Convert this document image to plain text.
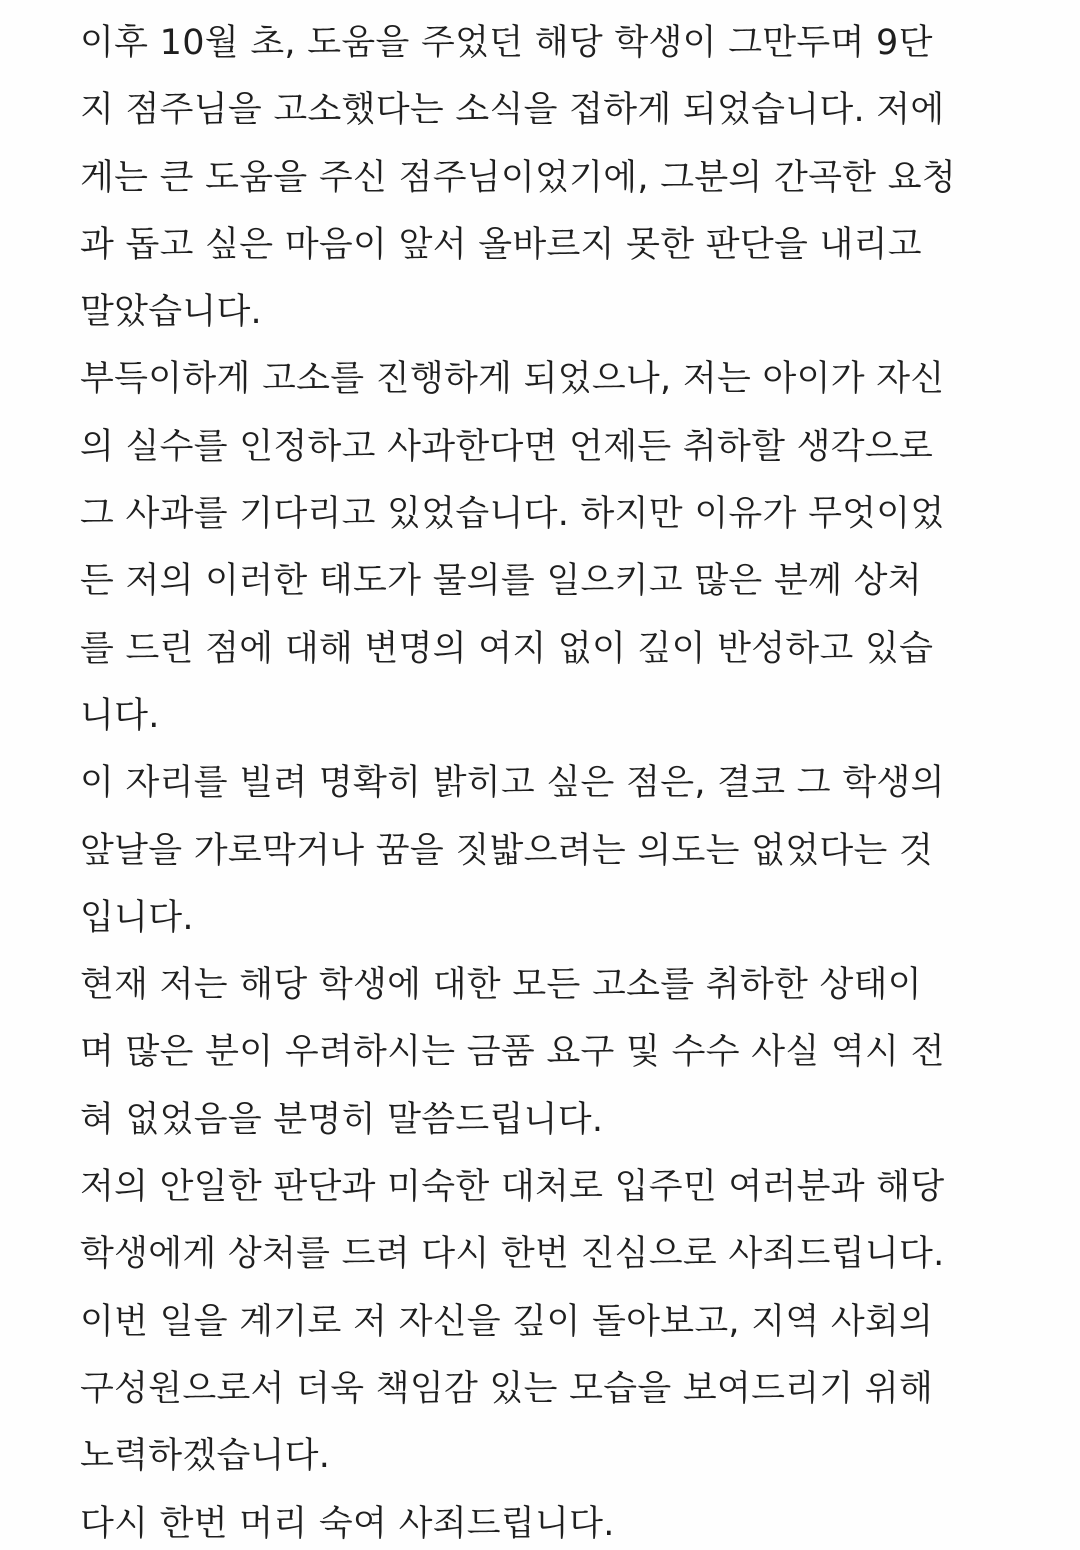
이후 10월 초, 도움을 주었던 해당 학생이 그만두며 9단
지 점주님을 고소했다는 소식을 접하게 되었습니다. 저에
게는 큰 도움을 주신 점주님이었기에, 그분의 간곡한 요청
과 돕고 싶은 마음이 앞서 올바르지 못한 판단을 내리고
말았습니다.
부득이하게 고소를 진행하게 되었으나, 저는 아이가 자신
의 실수를 인정하고 사과한다면 언제든 취하할 생각으로
그 사과를 기다리고 있었습니다. 하지만 이유가 무엇이었
든 저의 이러한 태도가 물의를 일으키고 많은 분께 상처
를 드린 점에 대해 변명의 여지 없이 깊이 반성하고 있습
니다.
이 자리를 빌려 명확히 밝히고 싶은 점은, 결코 그 학생의
앞날을 가로막거나 꿈을 짓밟으려는 의도는 없었다는 것
입니다.
현재 저는 해당 학생에 대한 모든 고소를 취하한 상태이
며 많은 분이 우려하시는 금품 요구 및 수수 사실 역시 전
혀 없었음을 분명히 말씀드립니다.
저의 안일한 판단과 미숙한 대처로 입주민 여러분과 해당
학생에게 상처를 드려 다시 한번 진심으로 사죄드립니다.
이번 일을 계기로 저 자신을 깊이 돌아보고, 지역 사회의
구성원으로서 더욱 책임감 있는 모습을 보여드리기 위해
노력하겠습니다.
다시 한번 머리 숙여 사죄드립니다.
